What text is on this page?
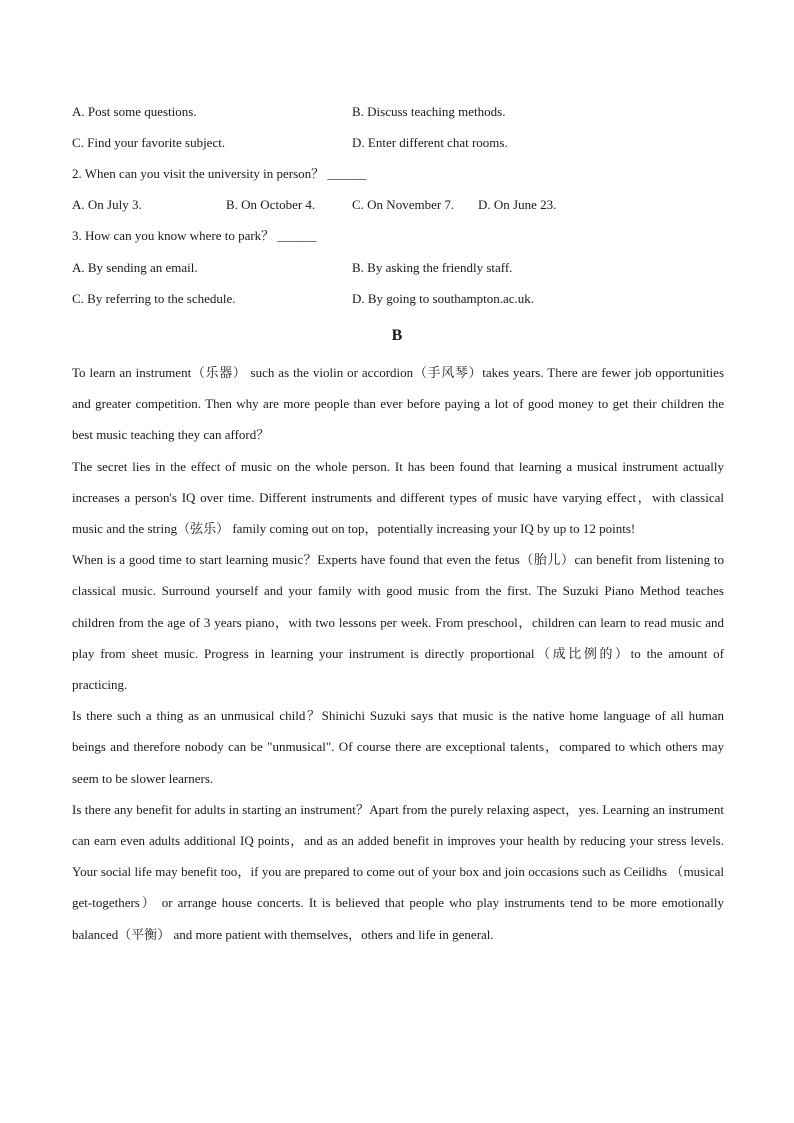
A. Post some questions.	B. Discuss teaching methods.
C. Find your favorite subject.	D. Enter different chat rooms.
2. When can you visit the university in person？ ______
A. On July 3.	B. On October 4.	C. On November 7. D. On June 23.
3. How can you know where to park？ ______
A. By sending an email.	B. By asking the friendly staff.
C. By referring to the schedule.	D. By going to southampton.ac.uk.
B

To learn an instrument（乐器） such as the violin or accordion（手风琴）takes years. There are fewer job opportunities and greater competition. Then why are more people than ever before paying a lot of good money to get their children the best music teaching they can afford？

The secret lies in the effect of music on the whole person. It has been found that learning a musical instrument actually increases a person's IQ over time. Different instruments and different types of music have varying effect，with classical music and the string（弦乐） family coming out on top，potentially increasing your IQ by up to 12 points!

When is a good time to start learning music？Experts have found that even the fetus（胎儿）can benefit from listening to classical music. Surround yourself and your family with good music from the first. The Suzuki Piano Method teaches children from the age of 3 years piano，with two lessons per week. From preschool，children can learn to read music and play from sheet music. Progress in learning your instrument is directly proportional（成比例的）to the amount of practicing.

Is there such a thing as an unmusical child？Shinichi Suzuki says that music is the native home language of all human beings and therefore nobody can be "unmusical". Of course there are exceptional talents，compared to which others may seem to be slower learners.

Is there any benefit for adults in starting an instrument？Apart from the purely relaxing aspect，yes. Learning an instrument can earn even adults additional IQ points，and as an added benefit in improves your health by reducing your stress levels. Your social life may benefit too，if you are prepared to come out of your box and join occasions such as Ceilidhs （musical get-togethers） or arrange house concerts. It is believed that people who play instruments tend to be more emotionally balanced（平衡） and more patient with themselves，others and life in general.
